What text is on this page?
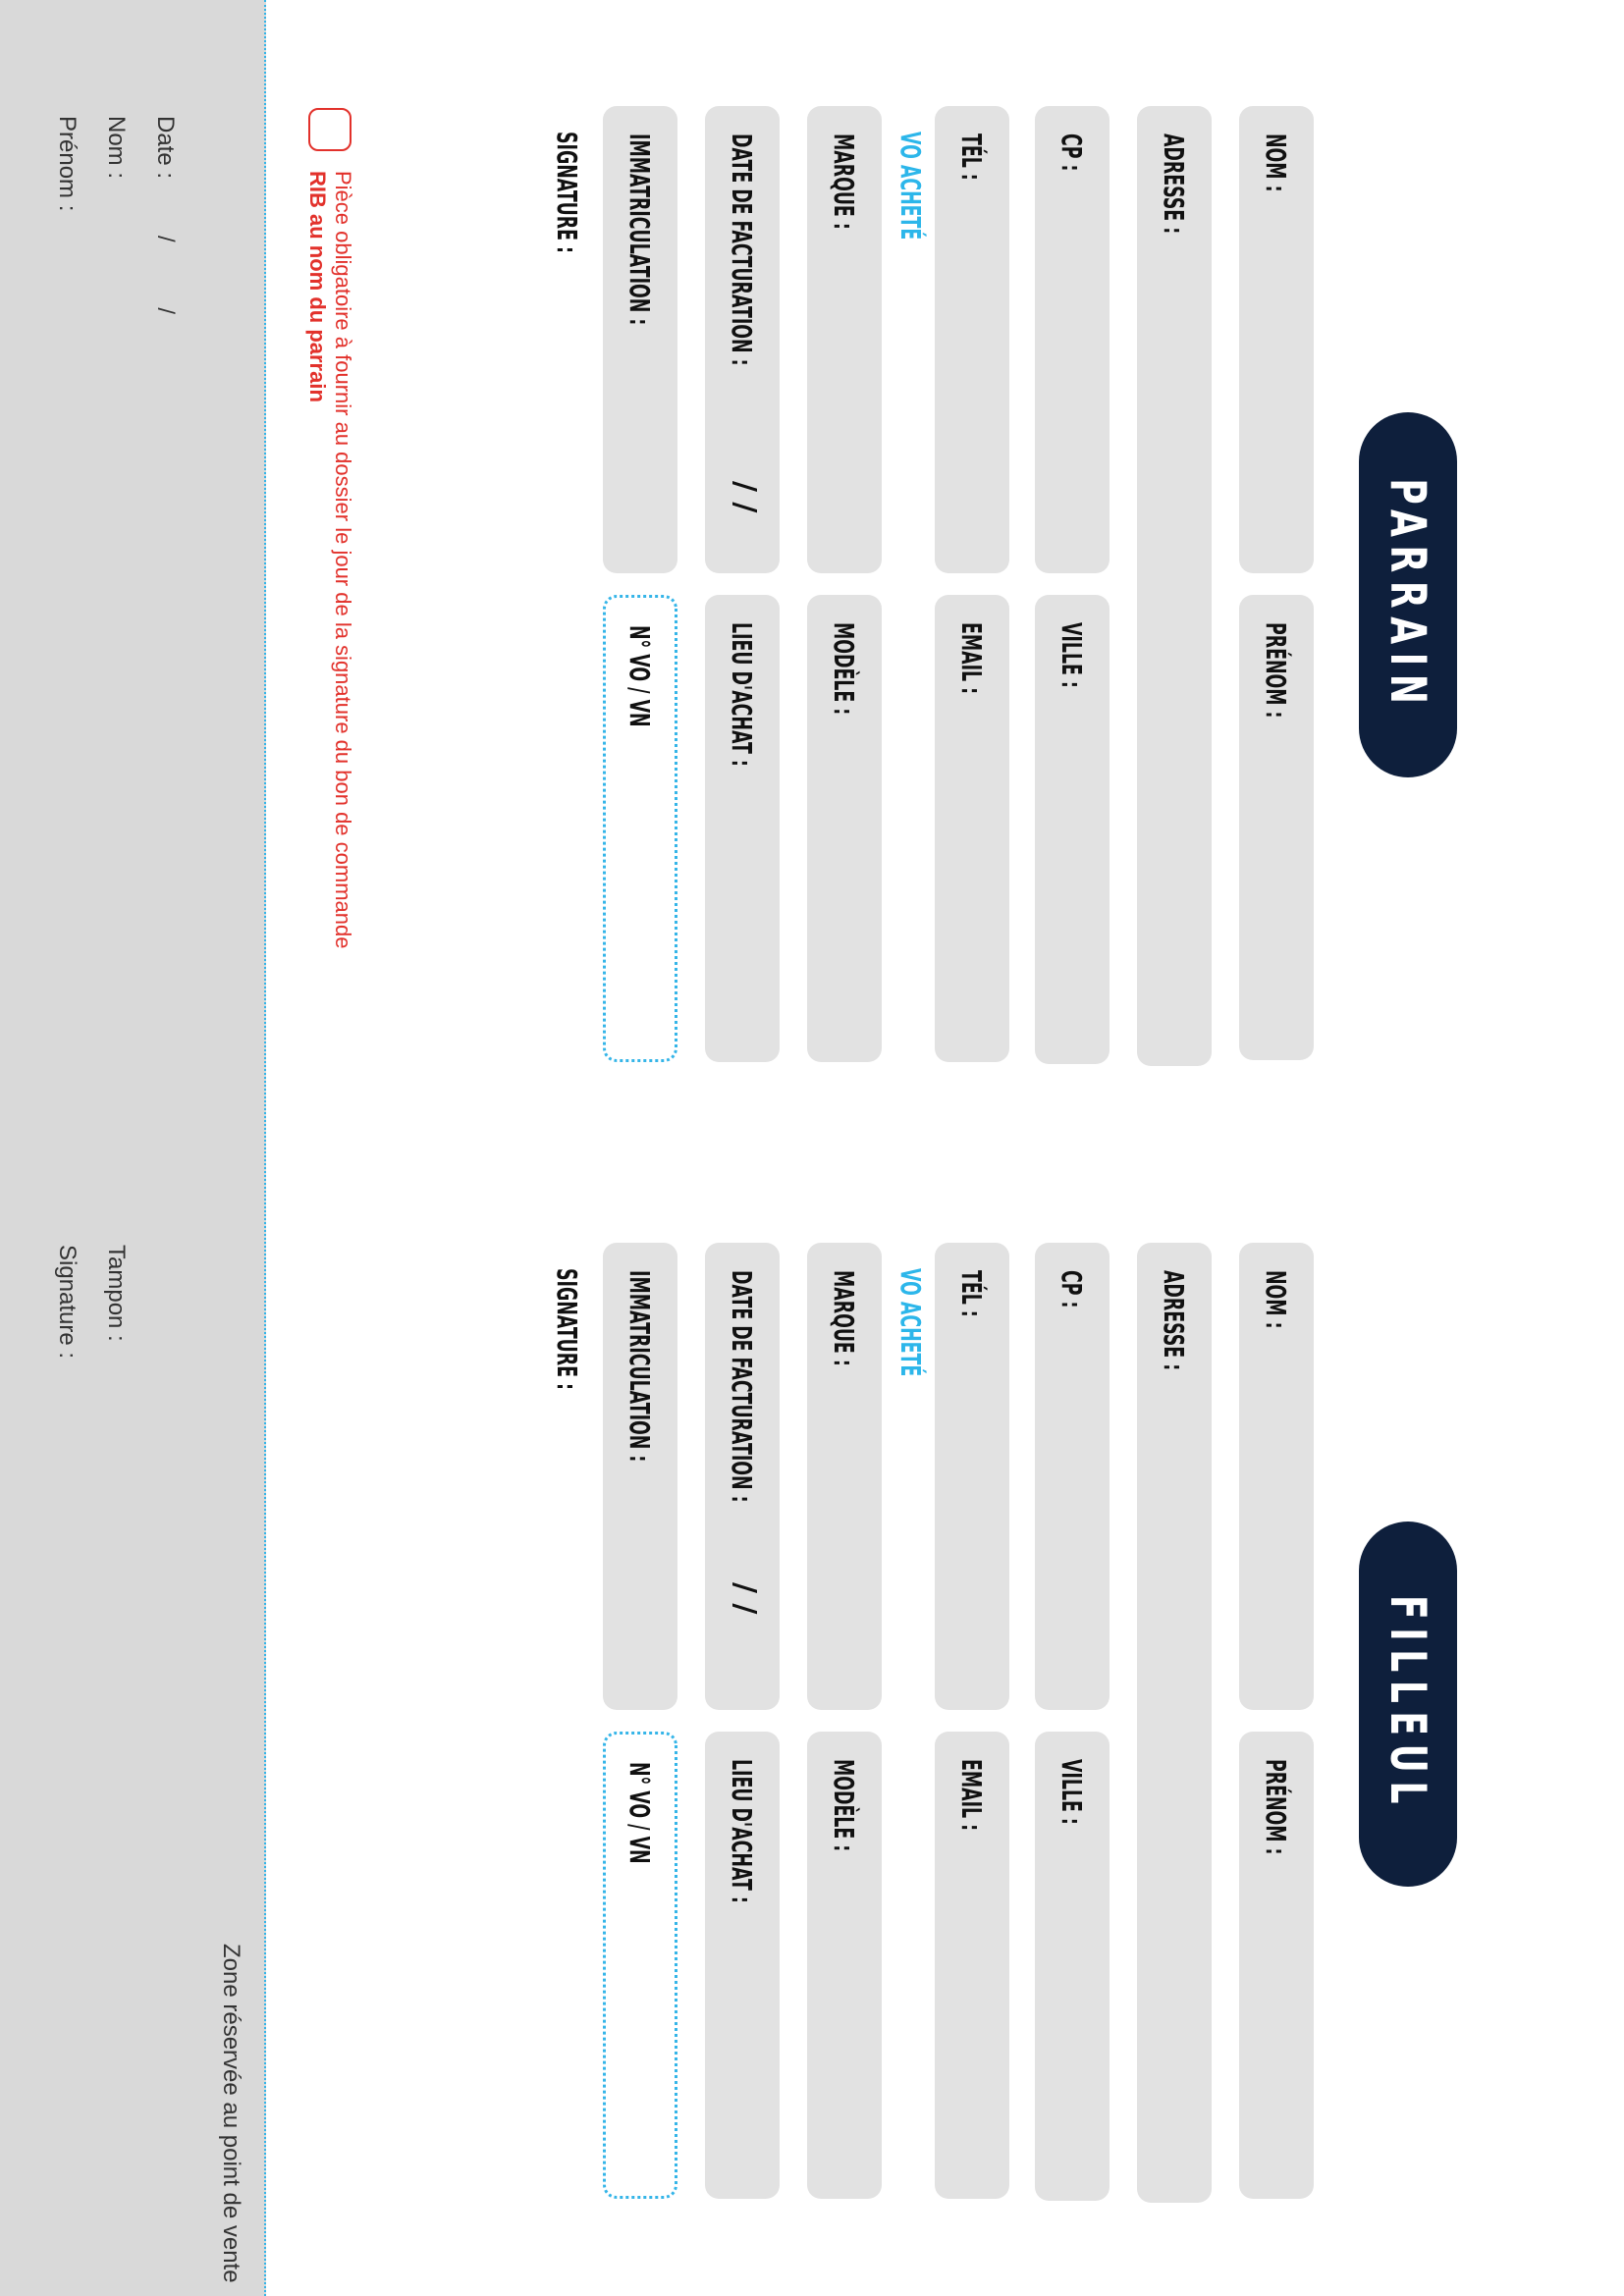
PARRAIN
NOM :
PRÉNOM :
ADRESSE :
CP :
VILLE :
TÉL :
EMAIL :
VO ACHETÉ
MARQUE :
MODÈLE :
DATE DE FACTURATION :
/ /
LIEU D'ACHAT :
IMMATRICULATION :
N° VO / VN
SIGNATURE :
FILLEUL
NOM :
PRÉNOM :
ADRESSE :
CP :
VILLE :
TÉL :
EMAIL :
VO ACHETÉ
MARQUE :
MODÈLE :
DATE DE FACTURATION :
/ /
LIEU D'ACHAT :
IMMATRICULATION :
N° VO / VN
SIGNATURE :
Pièce obligatoire à fournir au dossier le jour de la signature du bon de commande
RIB au nom du parrain
Zone réservée au point de vente
Date :
/ /
Nom :
Prénom :
Tampon :
Signature :
